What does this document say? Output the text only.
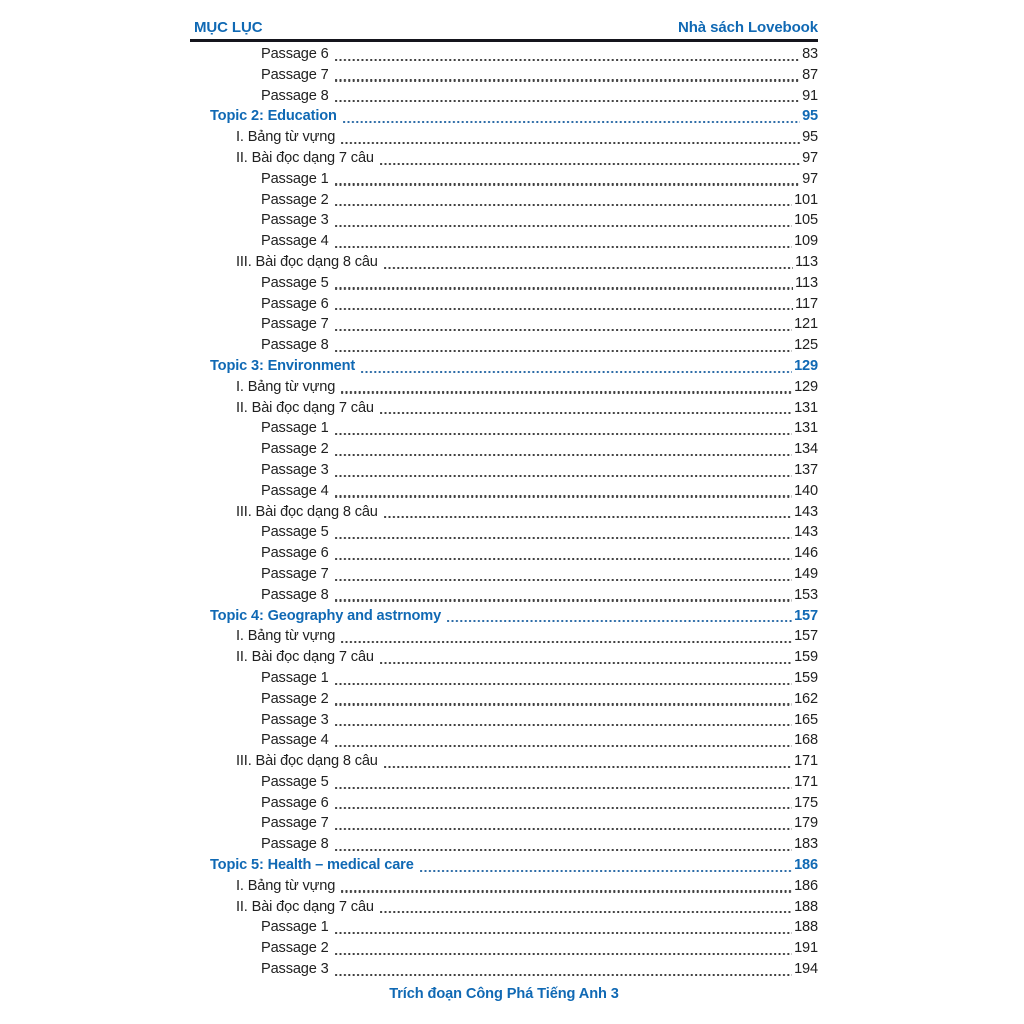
MỤC LỤC	Nhà sách Lovebook
Passage 6	83
Passage 7	87
Passage 8	91
Topic 2: Education	95
I. Bảng từ vựng	95
II. Bài đọc dạng 7 câu	97
Passage 1	97
Passage 2	101
Passage 3	105
Passage 4	109
III. Bài đọc dạng 8 câu	113
Passage 5	113
Passage 6	117
Passage 7	121
Passage 8	125
Topic 3: Environment	129
I. Bảng từ vựng	129
II. Bài đọc dạng 7 câu	131
Passage 1	131
Passage 2	134
Passage 3	137
Passage 4	140
III. Bài đọc dạng 8 câu	143
Passage 5	143
Passage 6	146
Passage 7	149
Passage 8	153
Topic 4: Geography and astrnomy	157
I. Bảng từ vựng	157
II. Bài đọc dạng 7 câu	159
Passage 1	159
Passage 2	162
Passage 3	165
Passage 4	168
III. Bài đọc dạng 8 câu	171
Passage 5	171
Passage 6	175
Passage 7	179
Passage 8	183
Topic 5: Health – medical care	186
I. Bảng từ vựng	186
II. Bài đọc dạng 7 câu	188
Passage 1	188
Passage 2	191
Passage 3	194
Trích đoạn Công Phá Tiếng Anh 3
